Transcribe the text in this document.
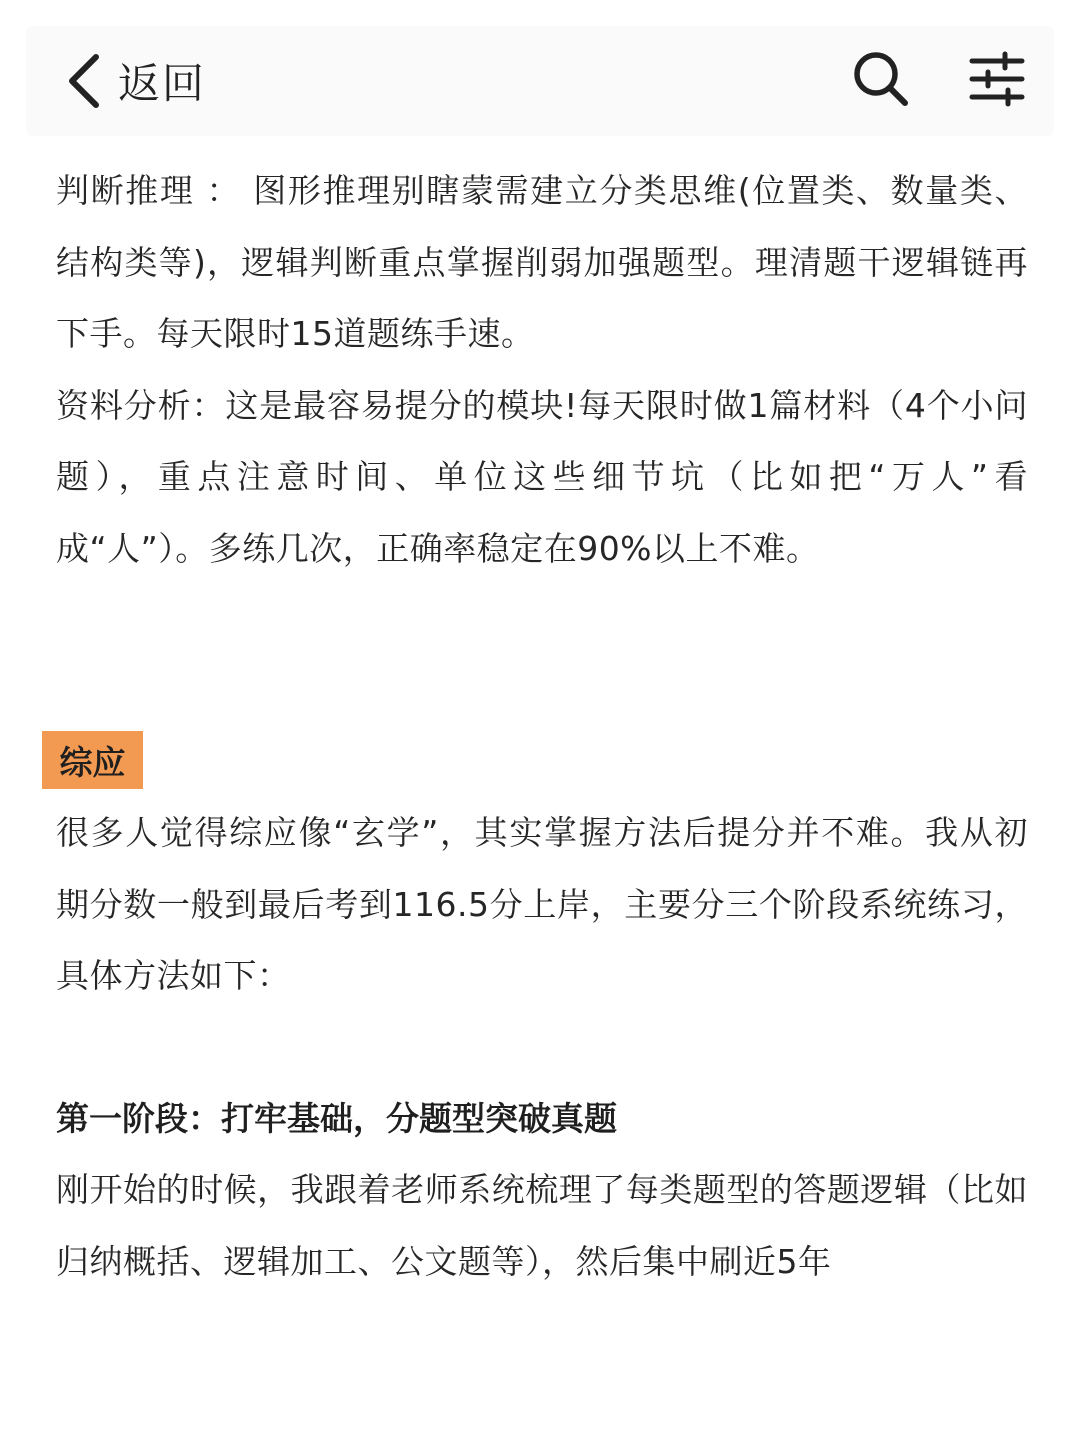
返回

判断推理 ： 图形推理别瞎蒙需建立分类思维(位置类、数量类、结构类等)，逻辑判断重点掌握削弱加强题型。理清题干逻辑链再下手。每天限时15道题练手速。

资料分析：这是最容易提分的模块!每天限时做1篇材料（4个小问题），重点注意时间、单位这些细节坑（比如把“万人”看成“人”）。多练几次，正确率稳定在90%以上不难。

综应

很多人觉得综应像“玄学”，其实掌握方法后提分并不难。我从初期分数一般到最后考到116.5分上岸，主要分三个阶段系统练习，具体方法如下：

第一阶段：打牢基础，分题型突破真题

刚开始的时候，我跟着老师系统梳理了每类题型的答题逻辑（比如归纳概括、逻辑加工、公文题等），然后集中刷近5年
